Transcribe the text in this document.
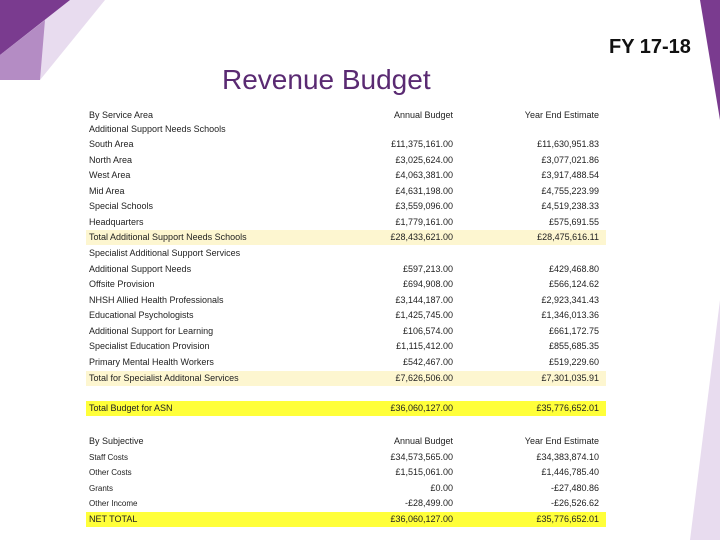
FY 17-18
Revenue Budget
By Service Area	Annual Budget	Year End Estimate
Additional Support Needs Schools
South Area	£11,375,161.00	£11,630,951.83
North Area	£3,025,624.00	£3,077,021.86
West Area	£4,063,381.00	£3,917,488.54
Mid Area	£4,631,198.00	£4,755,223.99
Special Schools	£3,559,096.00	£4,519,238.33
Headquarters	£1,779,161.00	£575,691.55
Total Additional Support Needs Schools	£28,433,621.00	£28,475,616.11
Specialist Additional Support Services
Additional Support Needs	£597,213.00	£429,468.80
Offsite Provision	£694,908.00	£566,124.62
NHSH Allied Health Professionals	£3,144,187.00	£2,923,341.43
Educational Psychologists	£1,425,745.00	£1,346,013.36
Additional Support for Learning	£106,574.00	£661,172.75
Specialist Education Provision	£1,115,412.00	£855,685.35
Primary Mental Health Workers	£542,467.00	£519,229.60
Total for Specialist Additonal Services	£7,626,506.00	£7,301,035.91
Total Budget for ASN	£36,060,127.00	£35,776,652.01
By Subjective	Annual Budget	Year End Estimate
Staff Costs	£34,573,565.00	£34,383,874.10
Other Costs	£1,515,061.00	£1,446,785.40
Grants	£0.00	-£27,480.86
Other Income	-£28,499.00	-£26,526.62
NET TOTAL	£36,060,127.00	£35,776,652.01
